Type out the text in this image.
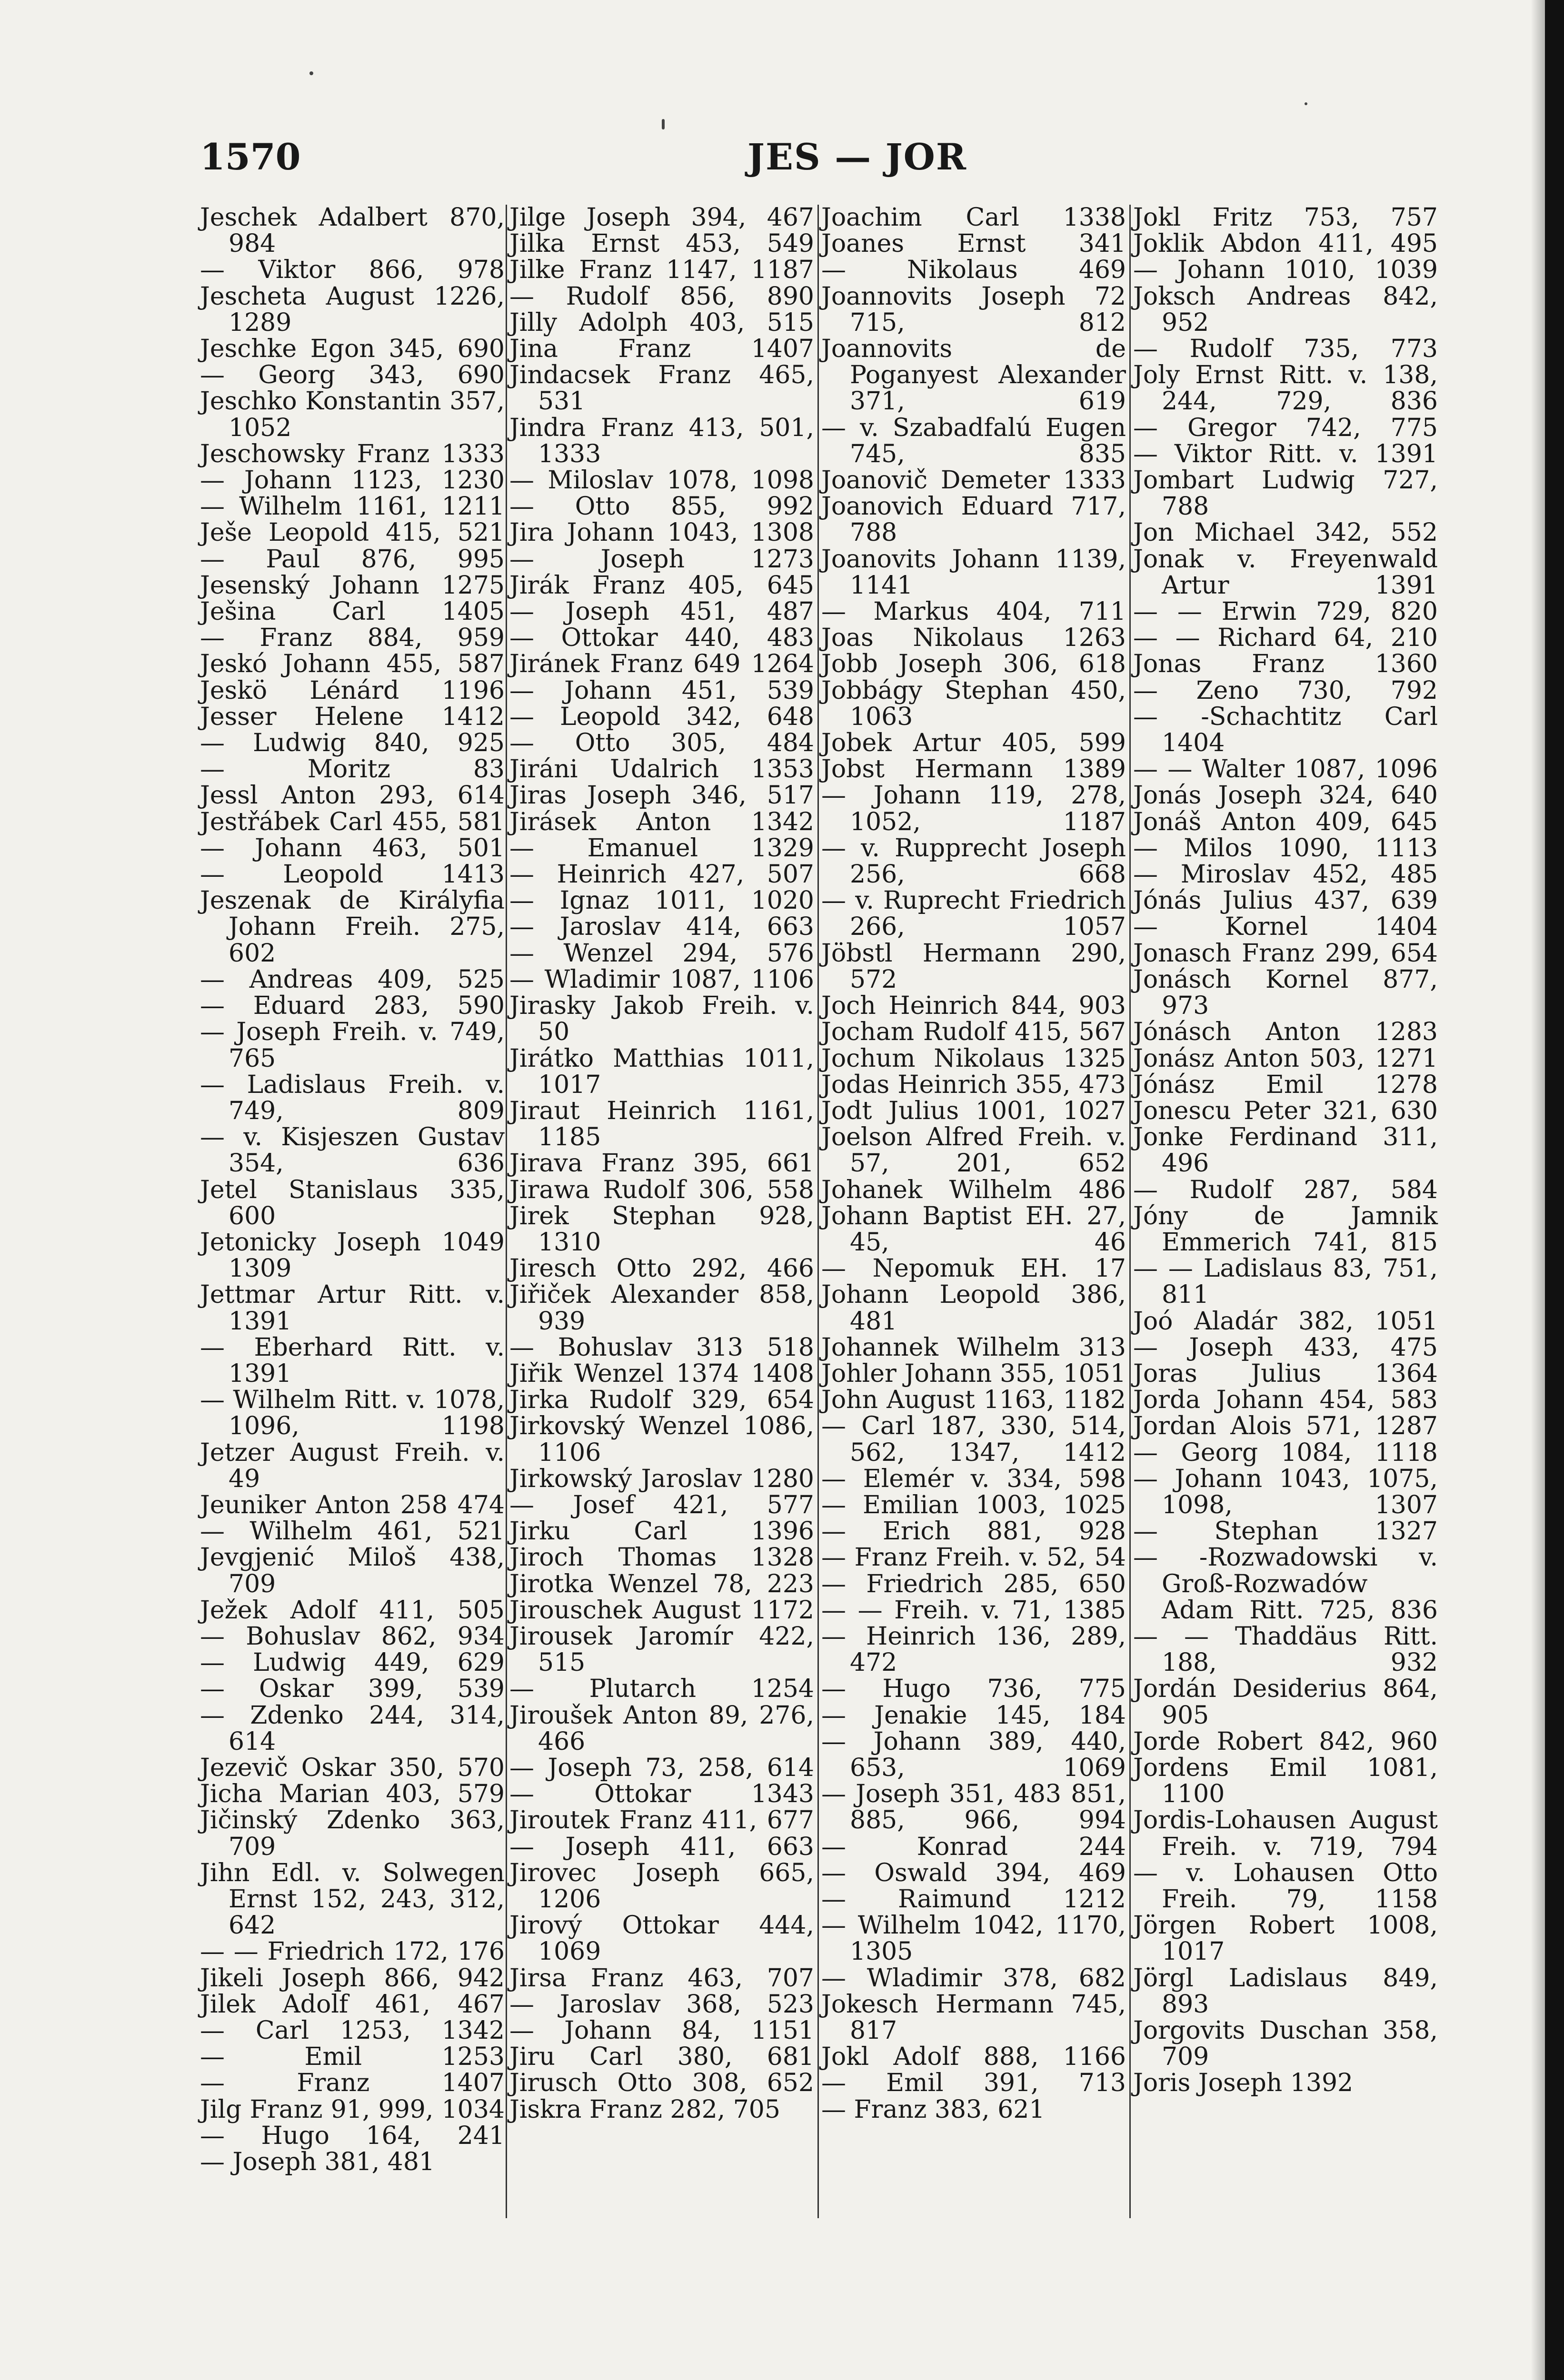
1570	JES — JOR
Jeschek Adalbert 870, 984
— Viktor 866, 978
Jescheta August 1226, 1289
Jeschke Egon 345, 690
— Georg 343, 690
Jeschko Konstantin 357, 1052
Jeschowsky Franz 1333
— Johann 1123, 1230
— Wilhelm 1161, 1211
Ješe Leopold 415, 521
— Paul 876, 995
Jesenský Johann 1275
Ješina Carl 1405
— Franz 884, 959
Jeskó Johann 455, 587
Jeskö Lénárd 1196
Jesser Helene 1412
— Ludwig 840, 925
— Moritz 83
Jessl Anton 293, 614
Jestřábek Carl 455, 581
— Johann 463, 501
— Leopold 1413
Jeszenak de Királyfia Johann Freih. 275, 602
— Andreas 409, 525
— Eduard 283, 590
— Joseph Freih. v. 749, 765
— Ladislaus Freih. v. 749, 809
— v. Kisjeszen Gustav 354, 636
Jetel Stanislaus 335, 600
Jetonicky Joseph 1049 1309
Jettmar Artur Ritt. v. 1391
— Eberhard Ritt. v. 1391
— Wilhelm Ritt. v. 1078, 1096, 1198
Jetzer August Freih. v. 49
Jeuniker Anton 258 474
— Wilhelm 461, 521
Jevgjenić Miloš 438, 709
Ježek Adolf 411, 505
— Bohuslav 862, 934
— Ludwig 449, 629
— Oskar 399, 539
— Zdenko 244, 314, 614
Jezevič Oskar 350, 570
Jicha Marian 403, 579
Jičinský Zdenko 363, 709
Jihn Edl. v. Solwegen Ernst 152, 243, 312, 642
— — Friedrich 172, 176
Jikeli Joseph 866, 942
Jilek Adolf 461, 467
— Carl 1253, 1342
— Emil 1253
— Franz 1407
Jilg Franz 91, 999, 1034
— Hugo 164, 241
— Joseph 381, 481
Jilge Joseph 394, 467
Jilka Ernst 453, 549
Jilke Franz 1147, 1187
— Rudolf 856, 890
Jilly Adolph 403, 515
Jina Franz 1407
Jindacsek Franz 465, 531
Jindra Franz 413, 501, 1333
— Miloslav 1078, 1098
— Otto 855, 992
Jira Johann 1043, 1308
— Joseph 1273
Jirák Franz 405, 645
— Joseph 451, 487
— Ottokar 440, 483
Jiránek Franz 649 1264
— Johann 451, 539
— Leopold 342, 648
— Otto 305, 484
Jiráni Udalrich 1353
Jiras Joseph 346, 517
Jirásek Anton 1342
— Emanuel 1329
— Heinrich 427, 507
— Ignaz 1011, 1020
— Jaroslav 414, 663
— Wenzel 294, 576
— Wladimir 1087, 1106
Jirasky Jakob Freih. v. 50
Jirátko Matthias 1011, 1017
Jiraut Heinrich 1161, 1185
Jirava Franz 395, 661
Jirawa Rudolf 306, 558
Jirek Stephan 928, 1310
Jiresch Otto 292, 466
Jiřiček Alexander 858, 939
— Bohuslav 313 518
Jiřik Wenzel 1374 1408
Jirka Rudolf 329, 654
Jirkovský Wenzel 1086, 1106
Jirkowský Jaroslav 1280
— Josef 421, 577
Jirku Carl 1396
Jiroch Thomas 1328
Jirotka Wenzel 78, 223
Jirouschek August 1172
Jirousek Jaromír 422, 515
— Plutarch 1254
Jiroušek Anton 89, 276, 466
— Joseph 73, 258, 614
— Ottokar 1343
Jiroutek Franz 411, 677
— Joseph 411, 663
Jirovec Joseph 665, 1206
Jirový Ottokar 444, 1069
Jirsa Franz 463, 707
— Jaroslav 368, 523
— Johann 84, 1151
Jiru Carl 380, 681
Jirusch Otto 308, 652
Jiskra Franz 282, 705
Joachim Carl 1338
Joanes Ernst 341
— Nikolaus 469
Joannovits Joseph 72 715, 812
Joannovits de Poganyest Alexander 371, 619
— v. Szabadfalú Eugen 745, 835
Joanovič Demeter 1333
Joanovich Eduard 717, 788
Joanovits Johann 1139, 1141
— Markus 404, 711
Joas Nikolaus 1263
Jobb Joseph 306, 618
Jobbágy Stephan 450, 1063
Jobek Artur 405, 599
Jobst Hermann 1389
— Johann 119, 278, 1052, 1187
— v. Rupprecht Joseph 256, 668
— v. Ruprecht Friedrich 266, 1057
Jöbstl Hermann 290, 572
Joch Heinrich 844, 903
Jocham Rudolf 415, 567
Jochum Nikolaus 1325
Jodas Heinrich 355, 473
Jodt Julius 1001, 1027
Joelson Alfred Freih. v. 57, 201, 652
Johanek Wilhelm 486
Johann Baptist EH. 27, 45, 46
— Nepomuk EH. 17
Johann Leopold 386, 481
Johannek Wilhelm 313
Johler Johann 355, 1051
John August 1163, 1182
— Carl 187, 330, 514, 562, 1347, 1412
— Elemér v. 334, 598
— Emilian 1003, 1025
— Erich 881, 928
— Franz Freih. v. 52, 54
— Friedrich 285, 650
— — Freih. v. 71, 1385
— Heinrich 136, 289, 472
— Hugo 736, 775
— Jenakie 145, 184
— Johann 389, 440, 653, 1069
— Joseph 351, 483 851, 885, 966, 994
— Konrad 244
— Oswald 394, 469
— Raimund 1212
— Wilhelm 1042, 1170, 1305
— Wladimir 378, 682
Jokesch Hermann 745, 817
Jokl Adolf 888, 1166
— Emil 391, 713
— Franz 383, 621
Jokl Fritz 753, 757
Joklik Abdon 411, 495
— Johann 1010, 1039
Joksch Andreas 842, 952
— Rudolf 735, 773
Joly Ernst Ritt. v. 138, 244, 729, 836
— Gregor 742, 775
— Viktor Ritt. v. 1391
Jombart Ludwig 727, 788
Jon Michael 342, 552
Jonak v. Freyenwald Artur 1391
— — Erwin 729, 820
— — Richard 64, 210
Jonas Franz 1360
— Zeno 730, 792
— -Schachtitz Carl 1404
— — Walter 1087, 1096
Jonás Joseph 324, 640
Jonáš Anton 409, 645
— Milos 1090, 1113
— Miroslav 452, 485
Jónás Julius 437, 639
— Kornel 1404
Jonasch Franz 299, 654
Jonásch Kornel 877, 973
Jónásch Anton 1283
Jonász Anton 503, 1271
Jónász Emil 1278
Jonescu Peter 321, 630
Jonke Ferdinand 311, 496
— Rudolf 287, 584
Jóny de Jamnik Emmerich 741, 815
— — Ladislaus 83, 751, 811
Joó Aladár 382, 1051
— Joseph 433, 475
Joras Julius 1364
Jorda Johann 454, 583
Jordan Alois 571, 1287
— Georg 1084, 1118
— Johann 1043, 1075, 1098, 1307
— Stephan 1327
— -Rozwadowski v. Groß-Rozwadów Adam Ritt. 725, 836
— — Thaddäus Ritt. 188, 932
Jordán Desiderius 864, 905
Jorde Robert 842, 960
Jordens Emil 1081, 1100
Jordis-Lohausen August Freih. v. 719, 794
— v. Lohausen Otto Freih. 79, 1158
Jörgen Robert 1008, 1017
Jörgl Ladislaus 849, 893
Jorgovits Duschan 358, 709
Joris Joseph 1392
